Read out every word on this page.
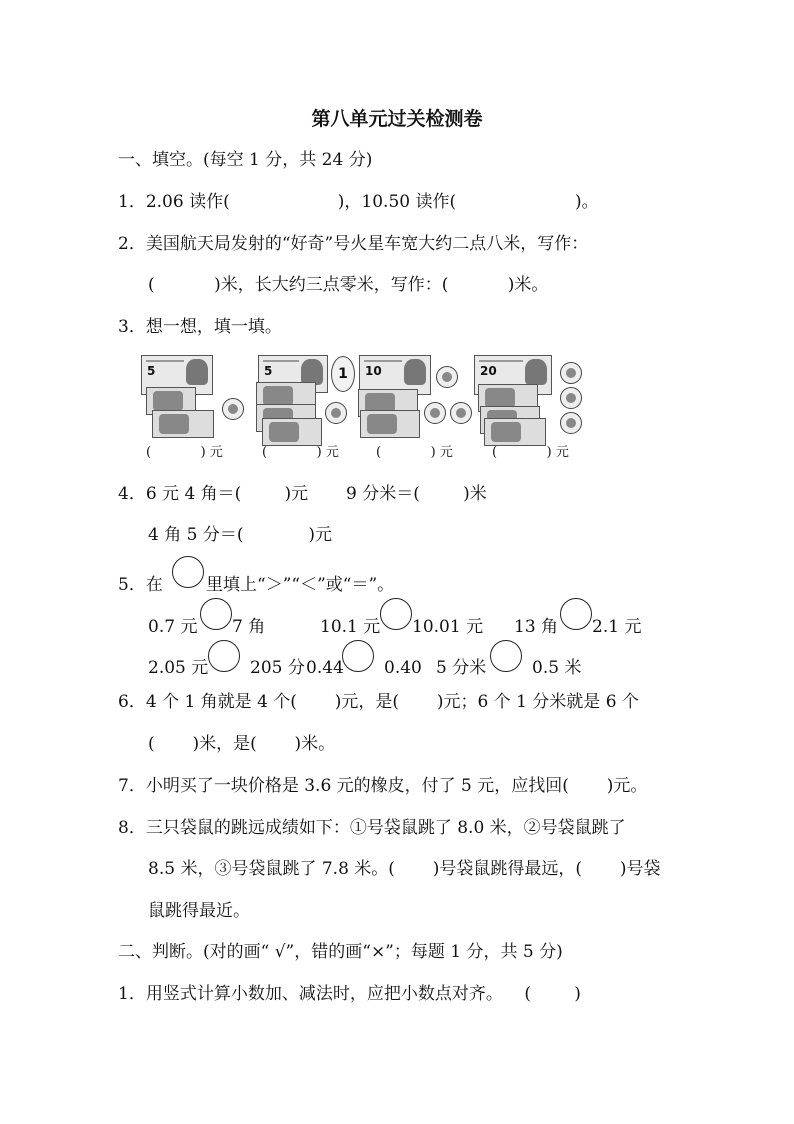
第八单元过关检测卷
一、填空。(每空 1 分，共 24 分)
1．2.06 读作(                    )，10.50 读作(                      )。
2．美国航天局发射的“好奇”号火星车宽大约二点八米，写作：
(           )米，长大约三点零米，写作：(           )米。
3．想一想，填一填。
5	5	1	10	20
(            ) 元	(            ) 元	(            ) 元	(            ) 元
4．6 元 4 角＝(        )元       9 分米＝(        )米
4 角 5 分＝(            )元
5．在	里填上“＞”“＜”或“＝”。
0.7 元 7 角	10.1 元 10.01 元 13 角 2.1 元
2.05 元 205 分 0.44 0.40 5 分米	0.5 米
6．4 个 1 角就是 4 个(       )元，是(       )元；6 个 1 分米就是 6 个
(       )米，是(       )米。
7．小明买了一块价格是 3.6 元的橡皮，付了 5 元，应找回(       )元。
8．三只袋鼠的跳远成绩如下：①号袋鼠跳了 8.0 米，②号袋鼠跳了
8.5 米，③号袋鼠跳了 7.8 米。(       )号袋鼠跳得最远，(       )号袋
鼠跳得最近。
二、判断。(对的画“ √”，错的画“×”；每题 1 分，共 5 分)
1．用竖式计算小数加、减法时，应把小数点对齐。    (        )
